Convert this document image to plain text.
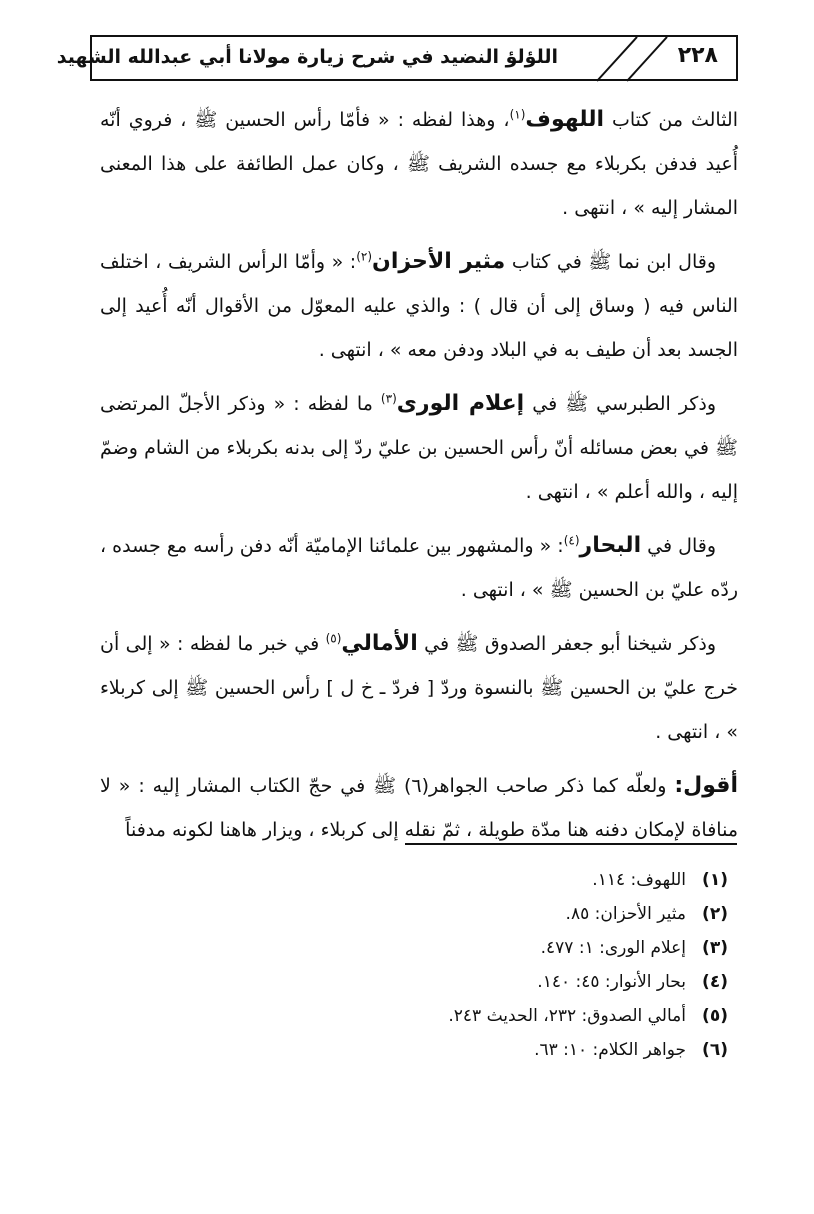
٢٢٨
اللؤلؤ النضيد في شرح زيارة مولانا أبي عبدالله الشهيد

الثالث من كتاب اللهوف$^{(١)}$، وهذا لفظه : « فأمّا رأس الحسين ﷺ ، فروي أنّه أُعيد فدفن بكربلاء مع جسده الشريف ﷺ ، وكان عمل الطائفة على هذا المعنى المشار إليه » ، انتهى .

وقال ابن نما ﷺ في كتاب مثير الأحزان$^{(٢)}$: « وأمّا الرأس الشريف ، اختلف الناس فيه ( وساق إلى أن قال ) : والذي عليه المعوّل من الأقوال أنّه أُعيد إلى الجسد بعد أن طيف به في البلاد ودفن معه » ، انتهى .

وذكر الطبرسي ﷺ في إعلام الورى$^{(٣)}$ ما لفظه : « وذكر الأجلّ المرتضى ﷺ في بعض مسائله أنّ رأس الحسين بن عليّ ردّ إلى بدنه بكربلاء من الشام وضمّ إليه ، والله أعلم » ، انتهى .

وقال في البحار$^{(٤)}$: « والمشهور بين علمائنا الإماميّة أنّه دفن رأسه مع جسده ، ردّه عليّ بن الحسين ﷺ » ، انتهى .

وذكر شيخنا أبو جعفر الصدوق ﷺ في الأمالي$^{(٥)}$ في خبر ما لفظه : « إلى أن خرج عليّ بن الحسين ﷺ بالنسوة وردّ [ فردّ ـ خ ل ] رأس الحسين ﷺ إلى كربلاء » ، انتهى .

أقول: ولعلّه كما ذكر صاحب الجواهر(٦) ﷺ في حجّ الكتاب المشار إليه : « لا منافاة لإمكان دفنه هنا مدّة طويلة ، ثمّ نقله إلى كربلاء ، ويزار هاهنا لكونه مدفناً

(١)
اللهوف: ١١٤.
(٢)
مثير الأحزان: ٨٥.
(٣)
إعلام الورى: ١: ٤٧٧.
(٤)
بحار الأنوار: ٤٥: ١٤٠.
(٥)
أمالي الصدوق: ٢٣٢، الحديث ٢٤٣.
(٦)
جواهر الكلام: ١٠: ٦٣.
